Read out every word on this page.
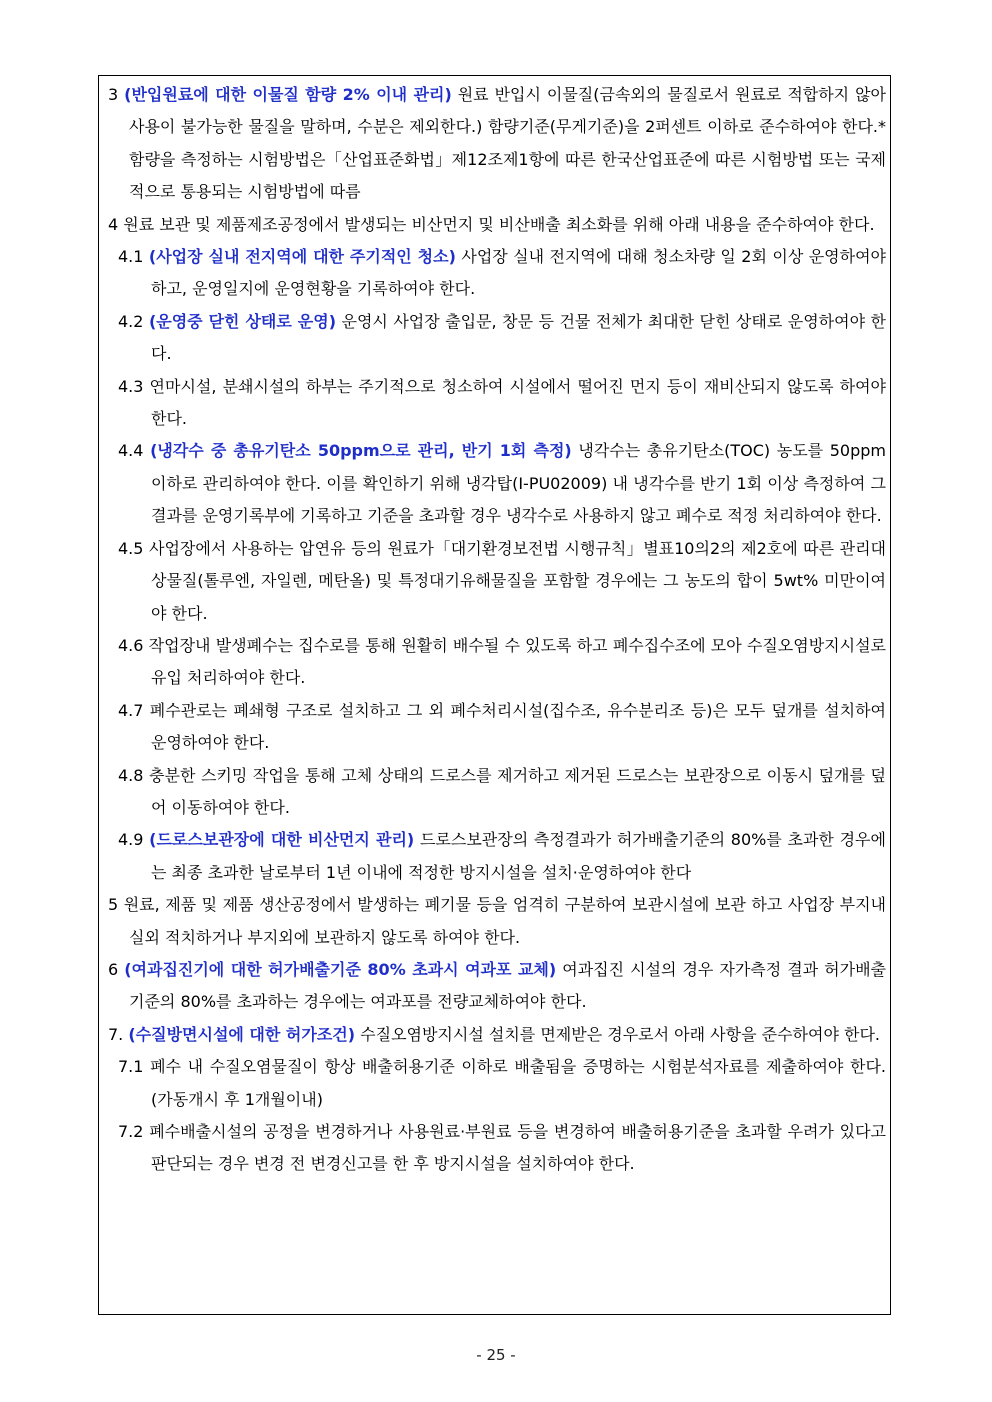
3 (반입원료에 대한 이물질 함량 2% 이내 관리) 원료 반입시 이물질(금속외의 물질로서 원료로 적합하지 않아 사용이 불가능한 물질을 말하며, 수분은 제외한다.) 함량기준(무게기준)을 2퍼센트 이하로 준수하여야 한다.* 함량을 측정하는 시험방법은「산업표준화법」제12조제1항에 따른 한국산업표준에 따른 시험방법 또는 국제적으로 통용되는 시험방법에 따름

4 원료 보관 및 제품제조공정에서 발생되는 비산먼지 및 비산배출 최소화를 위해 아래 내용을 준수하여야 한다.

4.1 (사업장 실내 전지역에 대한 주기적인 청소) 사업장 실내 전지역에 대해 청소차량 일 2회 이상 운영하여야 하고, 운영일지에 운영현황을 기록하여야 한다.

4.2 (운영중 닫힌 상태로 운영) 운영시 사업장 출입문, 창문 등 건물 전체가 최대한 닫힌 상태로 운영하여야 한다.

4.3 연마시설, 분쇄시설의 하부는 주기적으로 청소하여 시설에서 떨어진 먼지 등이 재비산되지 않도록 하여야 한다.

4.4 (냉각수 중 총유기탄소 50ppm으로 관리, 반기 1회 측정) 냉각수는 총유기탄소(TOC) 농도를 50ppm 이하로 관리하여야 한다. 이를 확인하기 위해 냉각탑(I-PU02009) 내 냉각수를 반기 1회 이상 측정하여 그 결과를 운영기록부에 기록하고 기준을 초과할 경우 냉각수로 사용하지 않고 폐수로 적정 처리하여야 한다.

4.5 사업장에서 사용하는 압연유 등의 원료가「대기환경보전법 시행규칙」별표10의2의 제2호에 따른 관리대상물질(톨루엔, 자일렌, 메탄올) 및 특정대기유해물질을 포함할 경우에는 그 농도의 합이 5wt% 미만이여야 한다.

4.6 작업장내 발생폐수는 집수로를 통해 원활히 배수될 수 있도록 하고 폐수집수조에 모아 수질오염방지시설로 유입 처리하여야 한다.

4.7 폐수관로는 폐쇄형 구조로 설치하고 그 외 폐수처리시설(집수조, 유수분리조 등)은 모두 덮개를 설치하여 운영하여야 한다.

4.8 충분한 스키밍 작업을 통해 고체 상태의 드로스를 제거하고 제거된 드로스는 보관장으로 이동시 덮개를 덮어 이동하여야 한다.

4.9 (드로스보관장에 대한 비산먼지 관리) 드로스보관장의 측정결과가 허가배출기준의 80%를 초과한 경우에는 최종 초과한 날로부터 1년 이내에 적정한 방지시설을 설치·운영하여야 한다

5 원료, 제품 및 제품 생산공정에서 발생하는 폐기물 등을 엄격히 구분하여 보관시설에 보관 하고 사업장 부지내 실외 적치하거나 부지외에 보관하지 않도록 하여야 한다.

6 (여과집진기에 대한 허가배출기준 80% 초과시 여과포 교체) 여과집진 시설의 경우 자가측정 결과 허가배출기준의 80%를 초과하는 경우에는 여과포를 전량교체하여야 한다.

7. (수질방면시설에 대한 허가조건) 수질오염방지시설 설치를 면제받은 경우로서 아래 사항을 준수하여야 한다.

7.1 폐수 내 수질오염물질이 항상 배출허용기준 이하로 배출됨을 증명하는 시험분석자료를 제출하여야 한다.(가동개시 후 1개월이내)

7.2 폐수배출시설의 공정을 변경하거나 사용원료·부원료 등을 변경하여 배출허용기준을 초과할 우려가 있다고 판단되는 경우 변경 전 변경신고를 한 후 방지시설을 설치하여야 한다.

- 25 -
